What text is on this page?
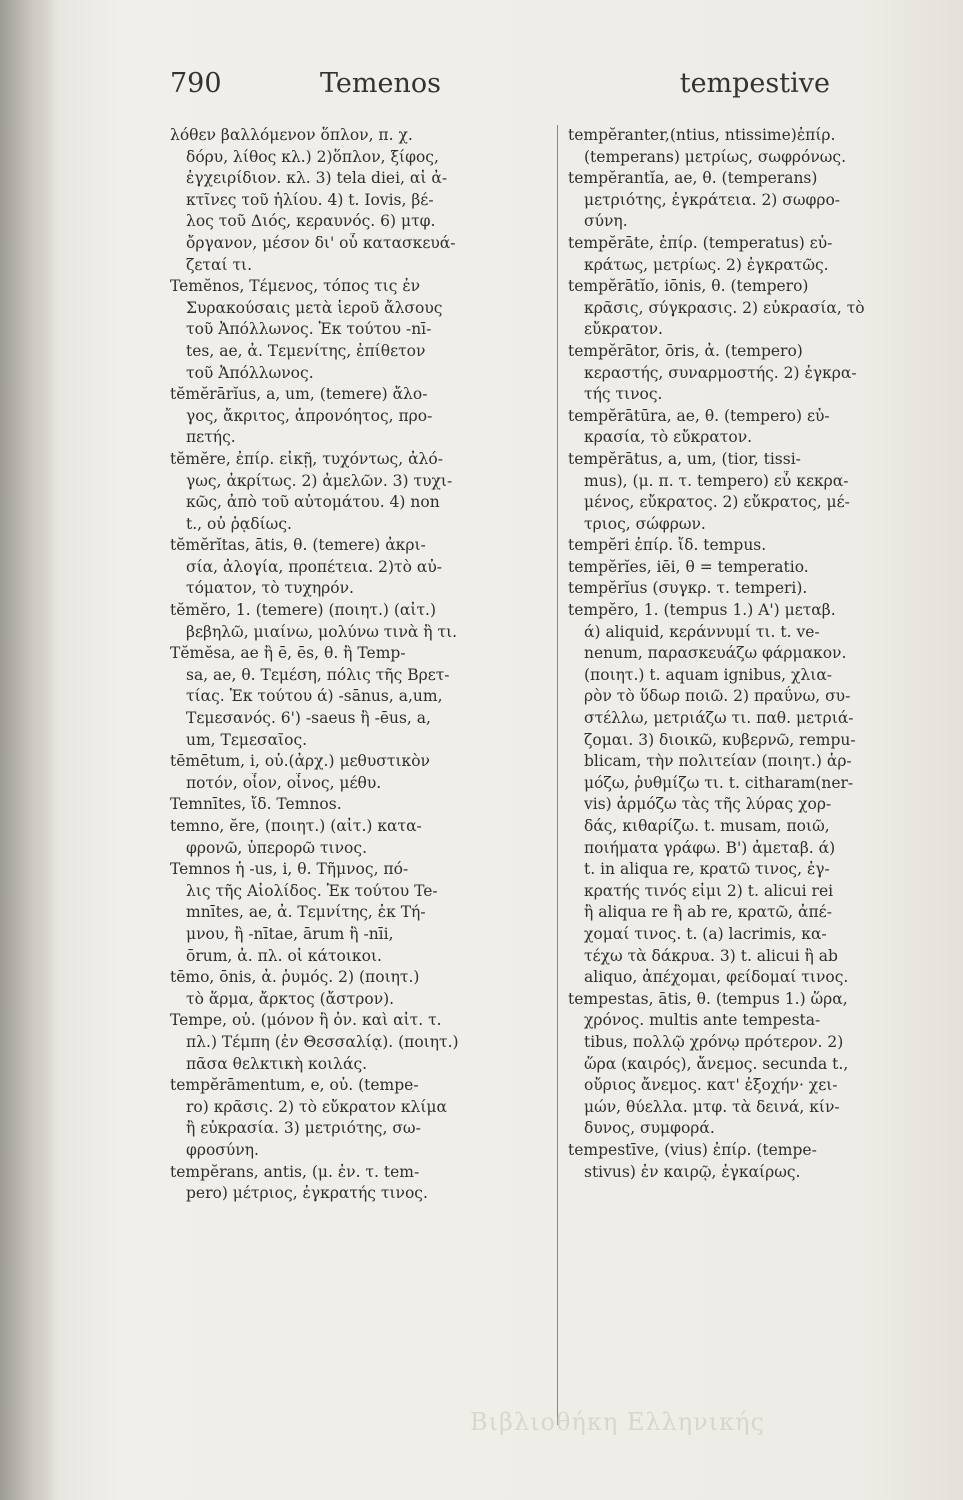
790	Temenos	tempestive
λόθεν βαλλόμενον ὅπλον, π. χ.
δόρυ, λίθος κλ.) 2)ὅπλον, ξίφος,
ἐγχειρίδιον. κλ. 3) tela diei, αἱ ἀ-
κτῖνες τοῦ ἡλίου. 4) t. Iovis, βέ-
λος τοῦ Διός, κεραυνός. 6) μτφ.
ὄργανον, μέσον δι' οὗ κατασκευά-
ζεταί τι.
Temĕnos, Τέμενος, τόπος τις ἐν
Συρακούσαις μετὰ ἱεροῦ ἄλσους
τοῦ Ἀπόλλωνος. Ἐκ τούτου -nī-
tes, ae, ἀ. Τεμενίτης, ἐπίθετον
τοῦ Ἀπόλλωνος.
tĕmĕrārĭus, a, um, (temere) ἄλο-
γος, ἄκριτος, ἀπρονόητος, προ-
πετής.
tĕmĕre, ἐπίρ. εἰκῇ, τυχόντως, ἀλό-
γως, ἀκρίτως. 2) ἀμελῶν. 3) τυχι-
κῶς, ἀπὸ τοῦ αὐτομάτου. 4) non
t., οὐ ῥᾳδίως.
tĕmĕrĭtas, ātis, θ. (temere) ἀκρι-
σία, ἀλογία, προπέτεια. 2)τὸ αὐ-
τόματον, τὸ τυχηρόν.
tĕmĕro, 1. (temere) (ποιητ.) (αἰτ.)
βεβηλῶ, μιαίνω, μολύνω τινὰ ἢ τι.
Tĕmĕsa, ae ἢ ē, ēs, θ. ἢ Temp-
sa, ae, θ. Τεμέση, πόλις τῆς Βρετ-
τίας. Ἐκ τούτου ά) -sānus, a,um,
Τεμεσανός. 6') -saeus ἢ -ēus, a,
um, Τεμεσαῖος.
tēmētum, i, οὐ.(ἀρχ.) μεθυστικὸν
ποτόν, οἶον, οἶνος, μέθυ.
Temnītes, ἴδ. Temnos.
temno, ĕre, (ποιητ.) (αἰτ.) κατα-
φρονῶ, ὑπερορῶ τινος.
Temnos ἡ -us, i, θ. Τῆμνος, πό-
λις τῆς Αἰολίδος. Ἐκ τούτου Te-
mnītes, ae, ἀ. Τεμνίτης, ἐκ Τή-
μνου, ἢ -nītae, ārum ἢ -nīi,
ōrum, ἀ. πλ. οἱ κάτοικοι.
tēmo, ōnis, ἀ. ῥυμός. 2) (ποιητ.)
τὸ ἅρμα, ἄρκτος (ἄστρον).
Tempe, οὐ. (μόνον ἢ ὀν. καὶ αἰτ. τ.
πλ.) Τέμπη (ἐν Θεσσαλίᾳ). (ποιητ.)
πᾶσα θελκτικὴ κοιλάς.
tempĕrāmentum, e, οὐ. (tempe-
ro) κρᾶσις. 2) τὸ εὔκρατον κλίμα
ἢ εὐκρασία. 3) μετριότης, σω-
φροσύνη.
tempĕrans, antis, (μ. ἐν. τ. tem-
pero) μέτριος, ἐγκρατής τινος.
tempĕranter,(ntius, ntissime)ἐπίρ.
(temperans) μετρίως, σωφρόνως.
tempĕrantĭa, ae, θ. (temperans)
μετριότης, ἐγκράτεια. 2) σωφρο-
σύνη.
tempĕrāte, ἐπίρ. (temperatus) εὐ-
κράτως, μετρίως. 2) ἐγκρατῶς.
tempĕrātĭo, iōnis, θ. (tempero)
κρᾶσις, σύγκρασις. 2) εὐκρασία, τὸ
εὔκρατον.
tempĕrātor, ōris, ἀ. (tempero)
κεραστής, συναρμοστής. 2) ἐγκρα-
τής τινος.
tempĕrātūra, ae, θ. (tempero) εὐ-
κρασία, τὸ εὔκρατον.
tempĕrātus, a, um, (tior, tissi-
mus), (μ. π. τ. tempero) εὖ κεκρα-
μένος, εὔκρατος. 2) εὔκρατος, μέ-
τριος, σώφρων.
tempĕri ἐπίρ. ἴδ. tempus.
tempĕrĭes, iēi, θ = temperatio.
tempĕrĭus (συγκρ. τ. temperi).
tempĕro, 1. (tempus 1.) Α') μεταβ.
ά) aliquid, κεράννυμί τι. t. ve-
nenum, παρασκευάζω φάρμακον.
(ποιητ.) t. aquam ignibus, χλια-
ρὸν τὸ ὕδωρ ποιῶ. 2) πραΰνω, συ-
στέλλω, μετριάζω τι. παθ. μετριά-
ζομαι. 3) διοικῶ, κυβερνῶ, rempu-
blicam, τὴν πολιτείαν (ποιητ.) ἁρ-
μόζω, ῥυθμίζω τι. t. citharam(ner-
vis) ἁρμόζω τὰς τῆς λύρας χορ-
δάς, κιθαρίζω. t. musam, ποιῶ,
ποιήματα γράφω. Β') ἀμεταβ. ά)
t. in aliqua re, κρατῶ τινος, ἐγ-
κρατής τινός εἰμι 2) t. alicui rei
ἢ aliqua re ἢ ab re, κρατῶ, ἀπέ-
χομαί τινος. t. (a) lacrimis, κα-
τέχω τὰ δάκρυα. 3) t. alicui ἢ ab
aliquo, ἀπέχομαι, φείδομαί τινος.
tempestas, ātis, θ. (tempus 1.) ὥρα,
χρόνος. multis ante tempesta-
tibus, πολλῷ χρόνῳ πρότερον. 2)
ὥρα (καιρός), ἄνεμος. secunda t.,
οὔριος ἄνεμος. κατ' ἐξοχήν· χει-
μών, θύελλα. μτφ. τὰ δεινά, κίν-
δυνος, συμφορά.
tempestīve, (vius) ἐπίρ. (tempe-
stivus) ἐν καιρῷ, ἐγκαίρως.
Βιβλιοθήκη Ελληνικής
